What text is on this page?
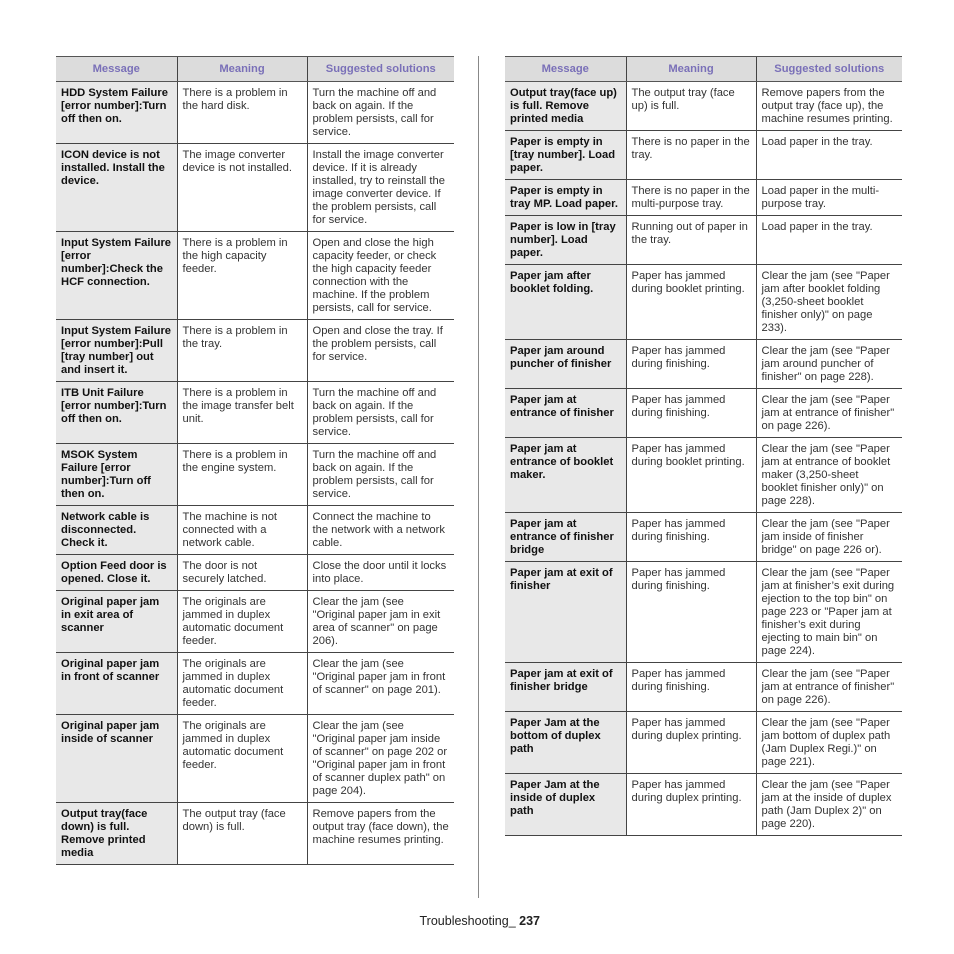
Message	Meaning	Suggested solutions
HDD System Failure [error number]:Turn off then on.	There is a problem in the hard disk.	Turn the machine off and back on again. If the problem persists, call for service.
ICON device is not installed. Install the device.	The image converter device is not installed.	Install the image converter device. If it is already installed, try to reinstall the image converter device. If the problem persists, call for service.
Input System Failure [error number]:Check the HCF connection.	There is a problem in the high capacity feeder.	Open and close the high capacity feeder, or check the high capacity feeder connection with the machine. If the problem persists, call for service.
Input System Failure [error number]:Pull [tray number] out and insert it.	There is a problem in the tray.	Open and close the tray. If the problem persists, call for service.
ITB Unit Failure [error number]:Turn off then on.	There is a problem in the image transfer belt unit.	Turn the machine off and back on again. If the problem persists, call for service.
MSOK System Failure [error number]:Turn off then on.	There is a problem in the engine system.	Turn the machine off and back on again. If the problem persists, call for service.
Network cable is disconnected. Check it.	The machine is not connected with a network cable.	Connect the machine to the network with a network cable.
Option Feed door is opened. Close it.	The door is not securely latched.	Close the door until it locks into place.
Original paper jam in exit area of scanner	The originals are jammed in duplex automatic document feeder.	Clear the jam (see "Original paper jam in exit area of scanner" on page 206).
Original paper jam in front of scanner	The originals are jammed in duplex automatic document feeder.	Clear the jam (see "Original paper jam in front of scanner" on page 201).
Original paper jam inside of scanner	The originals are jammed in duplex automatic document feeder.	Clear the jam (see "Original paper jam inside of scanner" on page 202 or "Original paper jam in front of scanner duplex path" on page 204).
Output tray(face down) is full. Remove printed media	The output tray (face down) is full.	Remove papers from the output tray (face down), the machine resumes printing.
Message	Meaning	Suggested solutions
Output tray(face up) is full. Remove printed media	The output tray (face up) is full.	Remove papers from the output tray (face up), the machine resumes printing.
Paper is empty in [tray number]. Load paper.	There is no paper in the tray.	Load paper in the tray.
Paper is empty in tray MP. Load paper.	There is no paper in the multi-purpose tray.	Load paper in the multi-purpose tray.
Paper is low in [tray number]. Load paper.	Running out of paper in the tray.	Load paper in the tray.
Paper jam after booklet folding.	Paper has jammed during booklet printing.	Clear the jam (see "Paper jam after booklet folding (3,250-sheet booklet finisher only)" on page 233).
Paper jam around puncher of finisher	Paper has jammed during finishing.	Clear the jam (see "Paper jam around puncher of finisher" on page 228).
Paper jam at entrance of finisher	Paper has jammed during finishing.	Clear the jam (see "Paper jam at entrance of finisher" on page 226).
Paper jam at entrance of booklet maker.	Paper has jammed during booklet printing.	Clear the jam (see "Paper jam at entrance of booklet maker (3,250-sheet booklet finisher only)" on page 228).
Paper jam at entrance of finisher bridge	Paper has jammed during finishing.	Clear the jam (see "Paper jam inside of finisher bridge" on page 226 or).
Paper jam at exit of finisher	Paper has jammed during finishing.	Clear the jam (see "Paper jam at finisher’s exit during ejection to the top bin" on page 223 or "Paper jam at finisher’s exit during ejecting to main bin" on page 224).
Paper jam at exit of finisher bridge	Paper has jammed during finishing.	Clear the jam (see "Paper jam at entrance of finisher" on page 226).
Paper Jam at the bottom of duplex path	Paper has jammed during duplex printing.	Clear the jam (see "Paper jam bottom of duplex path (Jam Duplex Regi.)" on page 221).
Paper Jam at the inside of duplex path	Paper has jammed during duplex printing.	Clear the jam (see "Paper jam at the inside of duplex path (Jam Duplex 2)" on page 220).
Troubleshooting_ 237
